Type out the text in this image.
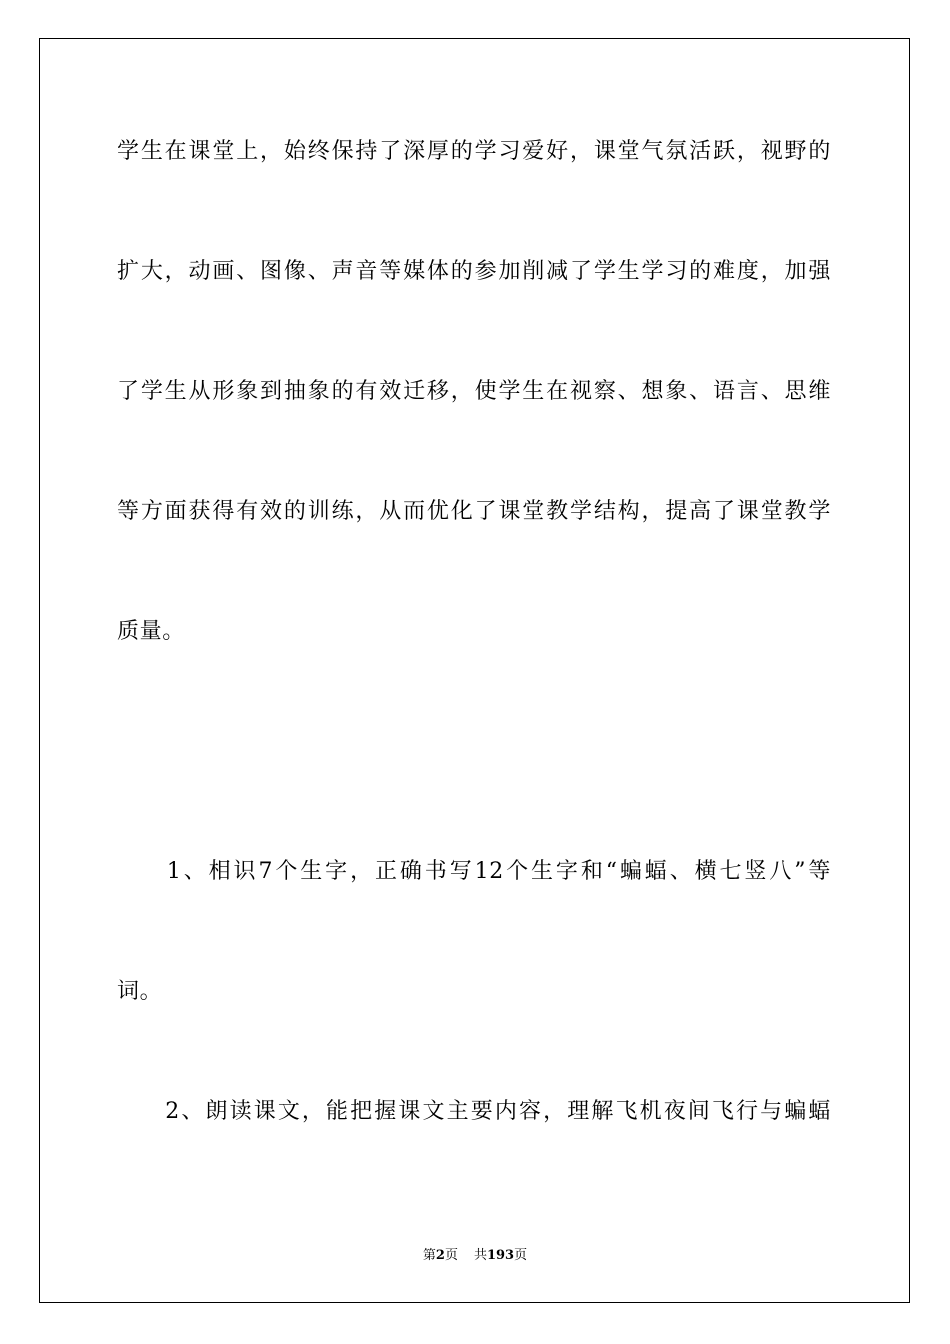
学生在课堂上，始终保持了深厚的学习爱好，课堂气氛活跃，视野的
扩大，动画、图像、声音等媒体的参加削减了学生学习的难度，加强
了学生从形象到抽象的有效迁移，使学生在视察、想象、语言、思维
等方面获得有效的训练，从而优化了课堂教学结构，提高了课堂教学
质量。
　　1、相识7个生字，正确书写12个生字和“蝙蝠、横七竖八”等
词。
　　2、朗读课文，能把握课文主要内容，理解飞机夜间飞行与蝙蝠
第2页 共193页
